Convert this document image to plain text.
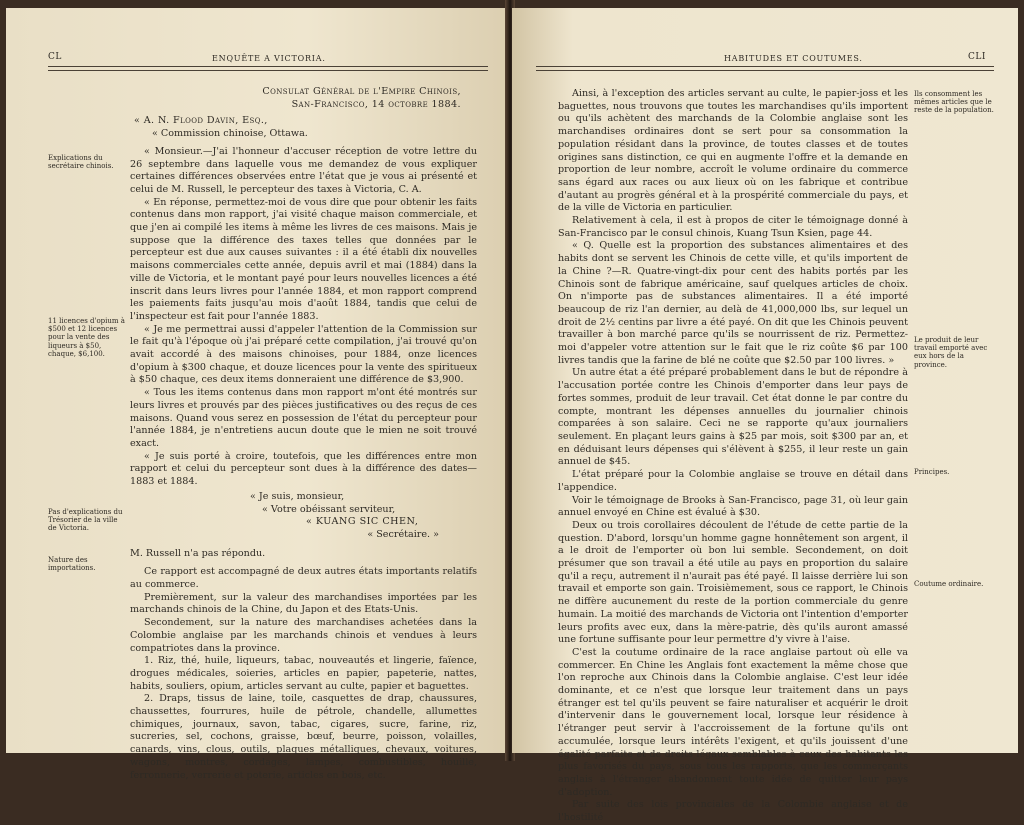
CL	ENQUÊTE A VICTORIA.
Explications du secrétaire chinois.
11 licences d'opium à $500 et 12 licences pour la vente des liqueurs à $50, chaque, $6,100.
Pas d'explications du Trésorier de la ville de Victoria.
Nature des importations.

Consulat Général de l'Empire Chinois,

San-Francisco, 14 octobre 1884.

« A. N. Flood Davin, Esq.,

« Commission chinoise, Ottawa.

« Monsieur.—J'ai l'honneur d'accuser réception de votre lettre du 26 septembre dans laquelle vous me demandez de vous expliquer certaines différences observées entre l'état que je vous ai présenté et celui de M. Russell, le percepteur des taxes à Victoria, C. A.

« En réponse, permettez-moi de vous dire que pour obtenir les faits contenus dans mon rapport, j'ai visité chaque maison commerciale, et que j'en ai compilé les items à même les livres de ces maisons. Mais je suppose que la différence des taxes telles que données par le percepteur est due aux causes suivantes : il a été établi dix nouvelles maisons commerciales cette année, depuis avril et mai (1884) dans la ville de Victoria, et le montant payé pour leurs nouvelles licences a été inscrit dans leurs livres pour l'année 1884, et mon rapport comprend les paiements faits jusqu'au mois d'août 1884, tandis que celui de l'inspecteur est fait pour l'année 1883.

« Je me permettrai aussi d'appeler l'attention de la Commission sur le fait qu'à l'époque où j'ai préparé cette compilation, j'ai trouvé qu'on avait accordé à des maisons chinoises, pour 1884, onze licences d'opium à $300 chaque, et douze licences pour la vente des spiritueux à $50 chaque, ces deux items donneraient une différence de $3,900.

« Tous les items contenus dans mon rapport m'ont été montrés sur leurs livres et prouvés par des pièces justificatives ou des reçus de ces maisons. Quand vous serez en possession de l'état du percepteur pour l'année 1884, je n'entretiens aucun doute que le mien ne soit trouvé exact.

« Je suis porté à croire, toutefois, que les différences entre mon rapport et celui du percepteur sont dues à la différence des dates—1883 et 1884.

« Je suis, monsieur,

« Votre obéissant serviteur,

« KUANG SIC CHEN,

« Secrétaire. »

M. Russell n'a pas répondu.

Ce rapport est accompagné de deux autres états importants relatifs au commerce.

Premièrement, sur la valeur des marchandises importées par les marchands chinois de la Chine, du Japon et des Etats-Unis.

Secondement, sur la nature des marchandises achetées dans la Colombie anglaise par les marchands chinois et vendues à leurs compatriotes dans la province.

1. Riz, thé, huile, liqueurs, tabac, nouveautés et lingerie, faïence, drogues médicales, soieries, articles en papier, papeterie, nattes, habits, souliers, opium, articles servant au culte, papier et baguettes.

2. Draps, tissus de laine, toile, casquettes de drap, chaussures, chaussettes, fourrures, huile de pétrole, chandelle, allumettes chimiques, journaux, savon, tabac, cigares, sucre, farine, riz, sucreries, sel, cochons, graisse, bœuf, beurre, poisson, volailles, canards, vins, clous, outils, plaques métalliques, chevaux, voitures, wagons, montres, cordages, lampes, combustibles, houille, ferronnerie, verrerie et poterie, articles en bois, etc.

HABITUDES ET COUTUMES.	CLI
Ils consomment les mêmes articles que le reste de la population.
Le produit de leur travail emporté avec eux hors de la province.
Principes.
Coutume ordinaire.

Ainsi, à l'exception des articles servant au culte, le papier-joss et les baguettes, nous trouvons que toutes les marchandises qu'ils importent ou qu'ils achètent des marchands de la Colombie anglaise sont les marchandises ordinaires dont se sert pour sa consommation la population résidant dans la province, de toutes classes et de toutes origines sans distinction, ce qui en augmente l'offre et la demande en proportion de leur nombre, accroît le volume ordinaire du commerce sans égard aux races ou aux lieux où on les fabrique et contribue d'autant au progrès général et à la prospérité commerciale du pays, et de la ville de Victoria en particulier.

Relativement à cela, il est à propos de citer le témoignage donné à San-Francisco par le consul chinois, Kuang Tsun Ksien, page 44.

« Q. Quelle est la proportion des substances alimentaires et des habits dont se servent les Chinois de cette ville, et qu'ils importent de la Chine ?—R. Quatre-vingt-dix pour cent des habits portés par les Chinois sont de fabrique américaine, sauf quelques articles de choix. On n'importe pas de substances alimentaires. Il a été importé beaucoup de riz l'an dernier, au delà de 41,000,000 lbs, sur lequel un droit de 2½ centins par livre a été payé. On dit que les Chinois peuvent travailler à bon marché parce qu'ils se nourrissent de riz. Permettez-moi d'appeler votre attention sur le fait que le riz coûte $6 par 100 livres tandis que la farine de blé ne coûte que $2.50 par 100 livres. »

Un autre état a été préparé probablement dans le but de répondre à l'accusation portée contre les Chinois d'emporter dans leur pays de fortes sommes, produit de leur travail. Cet état donne le par contre du compte, montrant les dépenses annuelles du journalier chinois comparées à son salaire. Ceci ne se rapporte qu'aux journaliers seulement. En plaçant leurs gains à $25 par mois, soit $300 par an, et en déduisant leurs dépenses qui s'élèvent à $255, il leur reste un gain annuel de $45.

L'état préparé pour la Colombie anglaise se trouve en détail dans l'appendice.

Voir le témoignage de Brooks à San-Francisco, page 31, où leur gain annuel envoyé en Chine est évalué à $30.

Deux ou trois corollaires découlent de l'étude de cette partie de la question. D'abord, lorsqu'un homme gagne honnêtement son argent, il a le droit de l'emporter où bon lui semble. Secondement, on doit présumer que son travail a été utile au pays en proportion du salaire qu'il a reçu, autrement il n'aurait pas été payé. Il laisse derrière lui son travail et emporte son gain. Troisièmement, sous ce rapport, le Chinois ne diffère aucunement du reste de la portion commerciale du genre humain. La moitié des marchands de Victoria ont l'intention d'emporter leurs profits avec eux, dans la mère-patrie, dès qu'ils auront amassé une fortune suffisante pour leur permettre d'y vivre à l'aise.

C'est la coutume ordinaire de la race anglaise partout où elle va commercer. En Chine les Anglais font exactement la même chose que l'on reproche aux Chinois dans la Colombie anglaise. C'est leur idée dominante, et ce n'est que lorsque leur traitement dans un pays étranger est tel qu'ils peuvent se faire naturaliser et acquérir le droit d'intervenir dans le gouvernement local, lorsque leur résidence à l'étranger peut servir à l'accroissement de la fortune qu'ils ont accumulée, lorsque leurs intérêts l'exigent, et qu'ils jouissent d'une égalité parfaite et de droits légaux semblables à ceux des habitants les plus favorisés du pays, sous tous les rapports, que les commerçants anglais à l'étranger abandonnent toute idée de quitter leur pays d'adoption.

Par suite des lois provinciales de la Colombie anglaise et de l'hostilité
